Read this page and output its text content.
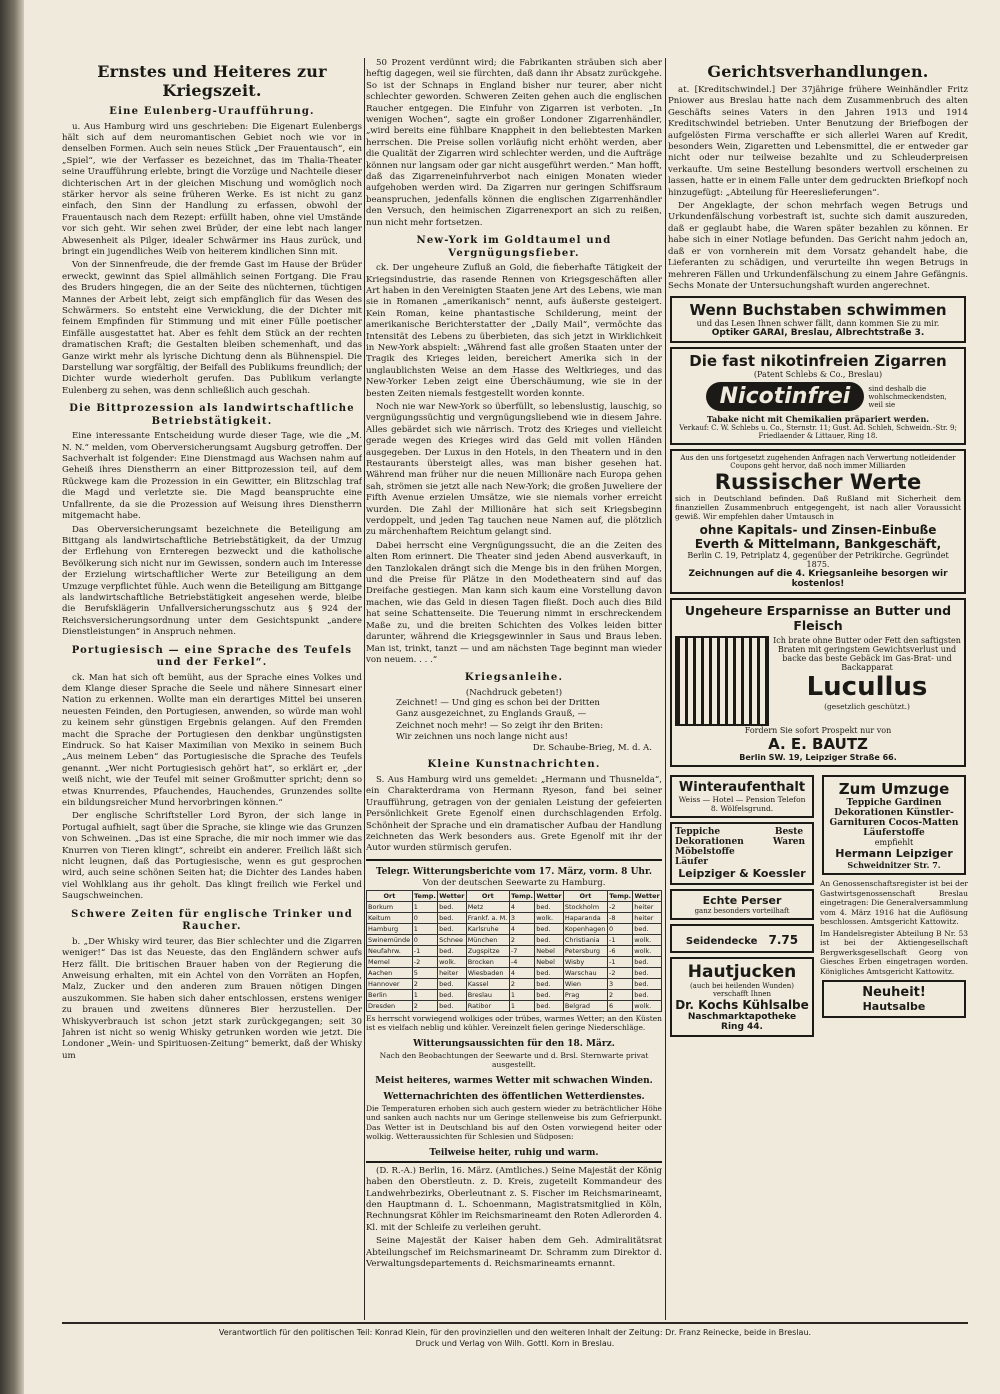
Ernstes und Heiteres zur Kriegszeit.
Eine Eulenberg-Uraufführung.

u. Aus Hamburg wird uns geschrieben: Die Eigenart Eulenbergs hält sich auf dem neuromantischen Gebiet noch wie vor in denselben Formen. Auch sein neues Stück „Der Frauentausch“, ein „Spiel“, wie der Verfasser es bezeichnet, das im Thalia-Theater seine Uraufführung erlebte, bringt die Vorzüge und Nachteile dieser dichterischen Art in der gleichen Mischung und womöglich noch stärker hervor als seine früheren Werke. Es ist nicht zu ganz einfach, den Sinn der Handlung zu erfassen, obwohl der Frauentausch nach dem Rezept: erfüllt haben, ohne viel Umstände vor sich geht. Wir sehen zwei Brüder, der eine lebt nach langer Abwesenheit als Pilger, idealer Schwärmer ins Haus zurück, und bringt ein jugendliches Weib von heiterem kindlichen Sinn mit.

Von der Sinnenfreude, die der fremde Gast im Hause der Brüder erweckt, gewinnt das Spiel allmählich seinen Fortgang. Die Frau des Bruders hingegen, die an der Seite des nüchternen, tüchtigen Mannes der Arbeit lebt, zeigt sich empfänglich für das Wesen des Schwärmers. So entsteht eine Verwicklung, die der Dichter mit feinem Empfinden für Stimmung und mit einer Fülle poetischer Einfälle ausgestattet hat. Aber es fehlt dem Stück an der rechten dramatischen Kraft; die Gestalten bleiben schemenhaft, und das Ganze wirkt mehr als lyrische Dichtung denn als Bühnenspiel. Die Darstellung war sorgfältig, der Beifall des Publikums freundlich; der Dichter wurde wiederholt gerufen. Das Publikum verlangte Eulenberg zu sehen, was denn schließlich auch geschah.

Die Bittprozession als landwirtschaftliche Betriebstätigkeit.

Eine interessante Entscheidung wurde dieser Tage, wie die „M. N. N.“ melden, vom Oberversicherungsamt Augsburg getroffen. Der Sachverhalt ist folgender: Eine Dienstmagd aus Wachsen nahm auf Geheiß ihres Dienstherrn an einer Bittprozession teil, auf dem Rückwege kam die Prozession in ein Gewitter, ein Blitzschlag traf die Magd und verletzte sie. Die Magd beanspruchte eine Unfallrente, da sie die Prozession auf Weisung ihres Dienstherrn mitgemacht habe.

Das Oberversicherungsamt bezeichnete die Beteiligung am Bittgang als landwirtschaftliche Betriebstätigkeit, da der Umzug der Erflehung von Ernteregen bezweckt und die katholische Bevölkerung sich nicht nur im Gewissen, sondern auch im Interesse der Erzielung wirtschaftlicher Werte zur Beteiligung an dem Umzuge verpflichtet fühle. Auch wenn die Beteiligung am Bittgange als landwirtschaftliche Betriebstätigkeit angesehen werde, bleibe die Berufsklägerin Unfallversicherungsschutz aus § 924 der Reichsversicherungsordnung unter dem Gesichtspunkt „andere Dienstleistungen“ in Anspruch nehmen.

Portugiesisch — eine Sprache des Teufels und der Ferkel“.

ck. Man hat sich oft bemüht, aus der Sprache eines Volkes und dem Klange dieser Sprache die Seele und nähere Sinnesart einer Nation zu erkennen. Wollte man ein derartiges Mittel bei unseren neuesten Feinden, den Portugiesen, anwenden, so würde man wohl zu keinem sehr günstigen Ergebnis gelangen. Auf den Fremden macht die Sprache der Portugiesen den denkbar ungünstigsten Eindruck. So hat Kaiser Maximilian von Mexiko in seinem Buch „Aus meinem Leben“ das Portugiesische die Sprache des Teufels genannt. „Wer nicht Portugiesisch gehört hat“, so erklärt er, „der weiß nicht, wie der Teufel mit seiner Großmutter spricht; denn so etwas Knurrendes, Pfauchendes, Hauchendes, Grunzendes sollte ein bildungsreicher Mund hervorbringen können.“

Der englische Schriftsteller Lord Byron, der sich lange in Portugal aufhielt, sagt über die Sprache, sie klinge wie das Grunzen von Schweinen. „Das ist eine Sprache, die mir noch immer wie das Knurren von Tieren klingt“, schreibt ein anderer. Freilich läßt sich nicht leugnen, daß das Portugiesische, wenn es gut gesprochen wird, auch seine schönen Seiten hat; die Dichter des Landes haben viel Wohlklang aus ihr geholt. Das klingt freilich wie Ferkel und Saugschweinchen.

Schwere Zeiten für englische Trinker und Raucher.

b. „Der Whisky wird teurer, das Bier schlechter und die Zigarren weniger!“ Das ist das Neueste, das den Engländern schwer aufs Herz fällt. Die britischen Brauer haben von der Regierung die Anweisung erhalten, mit ein Achtel von den Vorräten an Hopfen, Malz, Zucker und den anderen zum Brauen nötigen Dingen auszukommen. Sie haben sich daher entschlossen, erstens weniger zu brauen und zweitens dünneres Bier herzustellen. Der Whiskyverbrauch ist schon jetzt stark zurückgegangen; seit 30 Jahren ist nicht so wenig Whisky getrunken worden wie jetzt. Die Londoner „Wein- und Spirituosen-Zeitung“ bemerkt, daß der Whisky um

50 Prozent verdünnt wird; die Fabrikanten sträuben sich aber heftig dagegen, weil sie fürchten, daß dann ihr Absatz zurückgehe. So ist der Schnaps in England bisher nur teurer, aber nicht schlechter geworden. Schweren Zeiten gehen auch die englischen Raucher entgegen. Die Einfuhr von Zigarren ist verboten. „In wenigen Wochen“, sagte ein großer Londoner Zigarrenhändler, „wird bereits eine fühlbare Knappheit in den beliebtesten Marken herrschen. Die Preise sollen vorläufig nicht erhöht werden, aber die Qualität der Zigarren wird schlechter werden, und die Aufträge können nur langsam oder gar nicht ausgeführt werden.“ Man hofft, daß das Zigarreneinfuhrverbot nach einigen Monaten wieder aufgehoben werden wird. Da Zigarren nur geringen Schiffsraum beanspruchen, jedenfalls können die englischen Zigarrenhändler den Versuch, den heimischen Zigarrenexport an sich zu reißen, nun nicht mehr fortsetzen.

New-York im Goldtaumel und Vergnügungsfieber.

ck. Der ungeheure Zufluß an Gold, die fieberhafte Tätigkeit der Kriegsindustrie, das rasende Rennen von Kriegsgeschäften aller Art haben in den Vereinigten Staaten jene Art des Lebens, wie man sie in Romanen „amerikanisch“ nennt, aufs äußerste gesteigert. Kein Roman, keine phantastische Schilderung, meint der amerikanische Berichterstatter der „Daily Mail“, vermöchte das Intensität des Lebens zu überbieten, das sich jetzt in Wirklichkeit in New-York abspielt: „Während fast alle großen Staaten unter der Tragik des Krieges leiden, bereichert Amerika sich in der unglaublichsten Weise an dem Hasse des Weltkrieges, und das New-Yorker Leben zeigt eine Überschäumung, wie sie in der besten Zeiten niemals festgestellt worden konnte.

Noch nie war New-York so überfüllt, so lebenslustig, lauschig, so vergnügungssüchtig und vergnügungsliebend wie in diesem Jahre. Alles gebärdet sich wie närrisch. Trotz des Krieges und vielleicht gerade wegen des Krieges wird das Geld mit vollen Händen ausgegeben. Der Luxus in den Hotels, in den Theatern und in den Restaurants übersteigt alles, was man bisher gesehen hat. Während man früher nur die neuen Millionäre nach Europa gehen sah, strömen sie jetzt alle nach New-York; die großen Juweliere der Fifth Avenue erzielen Umsätze, wie sie niemals vorher erreicht wurden. Die Zahl der Millionäre hat sich seit Kriegsbeginn verdoppelt, und jeden Tag tauchen neue Namen auf, die plötzlich zu märchenhaftem Reichtum gelangt sind.

Dabei herrscht eine Vergnügungssucht, die an die Zeiten des alten Rom erinnert. Die Theater sind jeden Abend ausverkauft, in den Tanzlokalen drängt sich die Menge bis in den frühen Morgen, und die Preise für Plätze in den Modetheatern sind auf das Dreifache gestiegen. Man kann sich kaum eine Vorstellung davon machen, wie das Geld in diesen Tagen fließt. Doch auch dies Bild hat seine Schattenseite. Die Teuerung nimmt in erschreckendem Maße zu, und die breiten Schichten des Volkes leiden bitter darunter, während die Kriegsgewinnler in Saus und Braus leben. Man ist, trinkt, tanzt — und am nächsten Tage beginnt man wieder von neuem. . . .“

Kriegsanleihe.
(Nachdruck gebeten!)
Zeichnet! — Und ging es schon bei der Dritten
Ganz ausgezeichnet, zu Englands Grauß, —
Zeichnet noch mehr! — So zeigt ihr den Briten:
Wir zeichnen uns noch lange nicht aus!
Dr. Schaube-Brieg, M. d. A.
Kleine Kunstnachrichten.

S. Aus Hamburg wird uns gemeldet: „Hermann und Thusnelda“, ein Charakterdrama von Hermann Ryeson, fand bei seiner Uraufführung, getragen von der genialen Leistung der gefeierten Persönlichkeit Grete Egenolf einen durchschlagenden Erfolg. Schönheit der Sprache und ein dramatischer Aufbau der Handlung zeichneten das Werk besonders aus. Grete Egenolf mit ihr der Autor wurden stürmisch gerufen.

Telegr. Witterungsberichte vom 17. März, vorm. 8 Uhr.
Von der deutschen Seewarte zu Hamburg.
Ort	Temp.	Wetter	Ort	Temp.	Wetter	Ort	Temp.	Wetter
Borkum	1	bed.	Metz	4	bed.	Stockholm	-2	heiter
Keitum	0	bed.	Frankf. a. M.	3	wolk.	Haparanda	-8	heiter
Hamburg	1	bed.	Karlsruhe	4	bed.	Kopenhagen	0	bed.
Swinemünde	0	Schnee	München	2	bed.	Christiania	-1	wolk.
Neufahrw.	-1	bed.	Zugspitze	-7	Nebel	Petersburg	-6	wolk.
Memel	-2	wolk.	Brocken	-4	Nebel	Wisby	-1	bed.
Aachen	5	heiter	Wiesbaden	4	bed.	Warschau	-2	bed.
Hannover	2	bed.	Kassel	2	bed.	Wien	3	bed.
Berlin	1	bed.	Breslau	1	bed.	Prag	2	bed.
Dresden	2	bed.	Ratibor	1	bed.	Belgrad	6	wolk.
Es herrscht vorwiegend wolkiges oder trübes, warmes Wetter; an den Küsten ist es vielfach neblig und kühler. Vereinzelt fielen geringe Niederschläge.
Witterungsaussichten für den 18. März.
Nach den Beobachtungen der Seewarte und d. Brsl. Sternwarte privat ausgestellt.
Meist heiteres, warmes Wetter mit schwachen Winden.
Wetternachrichten des öffentlichen Wetterdienstes.
Die Temperaturen erhoben sich auch gestern wieder zu beträchtlicher Höhe und sanken auch nachts nur um Geringe stellenweise bis zum Gefrierpunkt. Das Wetter ist in Deutschland bis auf den Osten vorwiegend heiter oder wolkig. Wetteraussichten für Schlesien und Südposen:
Teilweise heiter, ruhig und warm.

(D. R.-A.) Berlin, 16. März. (Amtliches.) Seine Majestät der König haben den Oberstleutn. z. D. Kreis, zugeteilt Kommandeur des Landwehrbezirks, Oberleutnant z. S. Fischer im Reichsmarineamt, den Hauptmann d. L. Schoenmann, Magistratsmitglied in Köln, Rechnungsrat Köhler im Reichsmarineamt den Roten Adlerorden 4. Kl. mit der Schleife zu verleihen geruht.

Seine Majestät der Kaiser haben dem Geh. Admiralitätsrat Abteilungschef im Reichsmarineamt Dr. Schramm zum Direktor d. Verwaltungsdepartements d. Reichsmarineamts ernannt.

Gerichtsverhandlungen.

at. [Kreditschwindel.] Der 37jährige frühere Weinhändler Fritz Pniower aus Breslau hatte nach dem Zusammenbruch des alten Geschäfts seines Vaters in den Jahren 1913 und 1914 Kreditschwindel betrieben. Unter Benutzung der Briefbogen der aufgelösten Firma verschaffte er sich allerlei Waren auf Kredit, besonders Wein, Zigaretten und Lebensmittel, die er entweder gar nicht oder nur teilweise bezahlte und zu Schleuderpreisen verkaufte. Um seine Bestellung besonders wertvoll erscheinen zu lassen, hatte er in einem Falle unter dem gedruckten Briefkopf noch hinzugefügt: „Abteilung für Heereslieferungen“.

Der Angeklagte, der schon mehrfach wegen Betrugs und Urkundenfälschung vorbestraft ist, suchte sich damit auszureden, daß er geglaubt habe, die Waren später bezahlen zu können. Er habe sich in einer Notlage befunden. Das Gericht nahm jedoch an, daß er von vornherein mit dem Vorsatz gehandelt habe, die Lieferanten zu schädigen, und verurteilte ihn wegen Betrugs in mehreren Fällen und Urkundenfälschung zu einem Jahre Gefängnis. Sechs Monate der Untersuchungshaft wurden angerechnet.

Wenn Buchstaben schwimmen
und das Lesen Ihnen schwer fällt, dann kommen Sie zu mir.
Optiker GARAI, Breslau, Albrechtstraße 3.
Die fast nikotinfreien Zigarren
(Patent Schlebs & Co., Breslau)
Nicotinfrei	sind deshalb die wohlschmeckendsten, weil sie
Tabake nicht mit Chemikalien präpariert werden.
Verkauf: C. W. Schlebs u. Co., Sternstr. 11; Gust. Ad. Schleh, Schweidn.-Str. 9; Friedlaender & Littauer, Ring 18.
Aus den uns fortgesetzt zugehenden Anfragen nach Verwertung notleidender Coupons geht hervor, daß noch immer Milliarden
Russischer Werte
sich in Deutschland befinden. Daß Rußland mit Sicherheit dem finanziellen Zusammenbruch entgegengeht, ist nach aller Voraussicht gewiß. Wir empfehlen daher Umtausch in
ohne Kapitals- und Zinsen-Einbuße
Everth & Mittelmann, Bankgeschäft,
Berlin C. 19, Petriplatz 4, gegenüber der Petrikirche. Gegründet 1875.
Zeichnungen auf die 4. Kriegsanleihe besorgen wir kostenlos!
Ungeheure Ersparnisse an Butter und Fleisch
Ich brate ohne Butter oder Fett den saftigsten Braten mit geringstem Gewichtsverlust und backe das beste Gebäck im Gas-Brat- und Backapparat
Lucullus
(gesetzlich geschützt.)
Fordern Sie sofort Prospekt nur von
A. E. BAUTZ
Berlin SW. 19, Leipziger Straße 66.
Winteraufenthalt
Weiss — Hotel — Pension Telefon 8. Wölfelsgrund.
Teppiche Dekorationen Möbelstoffe Läufer
Beste Waren
Leipziger & Koessler
Echte Perser
ganz besonders vorteilhaft
Seidendecke 7.75
Hautjucken
(auch bei heilenden Wunden) verschafft Ihnen
Dr. Kochs Kühlsalbe
Naschmarktapotheke Ring 44.
Zum Umzuge
Teppiche Gardinen Dekorationen Künstler-Garnituren Cocos-Matten Läuferstoffe
empfiehlt
Hermann Leipziger
Schweidnitzer Str. 7.
An Genossenschaftsregister ist bei der Gastwirtsgenossenschaft Breslau eingetragen: Die Generalversammlung vom 4. März 1916 hat die Auflösung beschlossen. Amtsgericht Kattowitz.
Im Handelsregister Abteilung B Nr. 53 ist bei der Aktiengesellschaft Bergwerksgesellschaft Georg von Giesches Erben eingetragen worden. Königliches Amtsgericht Kattowitz.
Neuheit!
Hautsalbe
Verantwortlich für den politischen Teil: Konrad Klein, für den provinziellen und den weiteren Inhalt der Zeitung: Dr. Franz Reinecke, beide in Breslau.
Druck und Verlag von Wilh. Gottl. Korn in Breslau.
